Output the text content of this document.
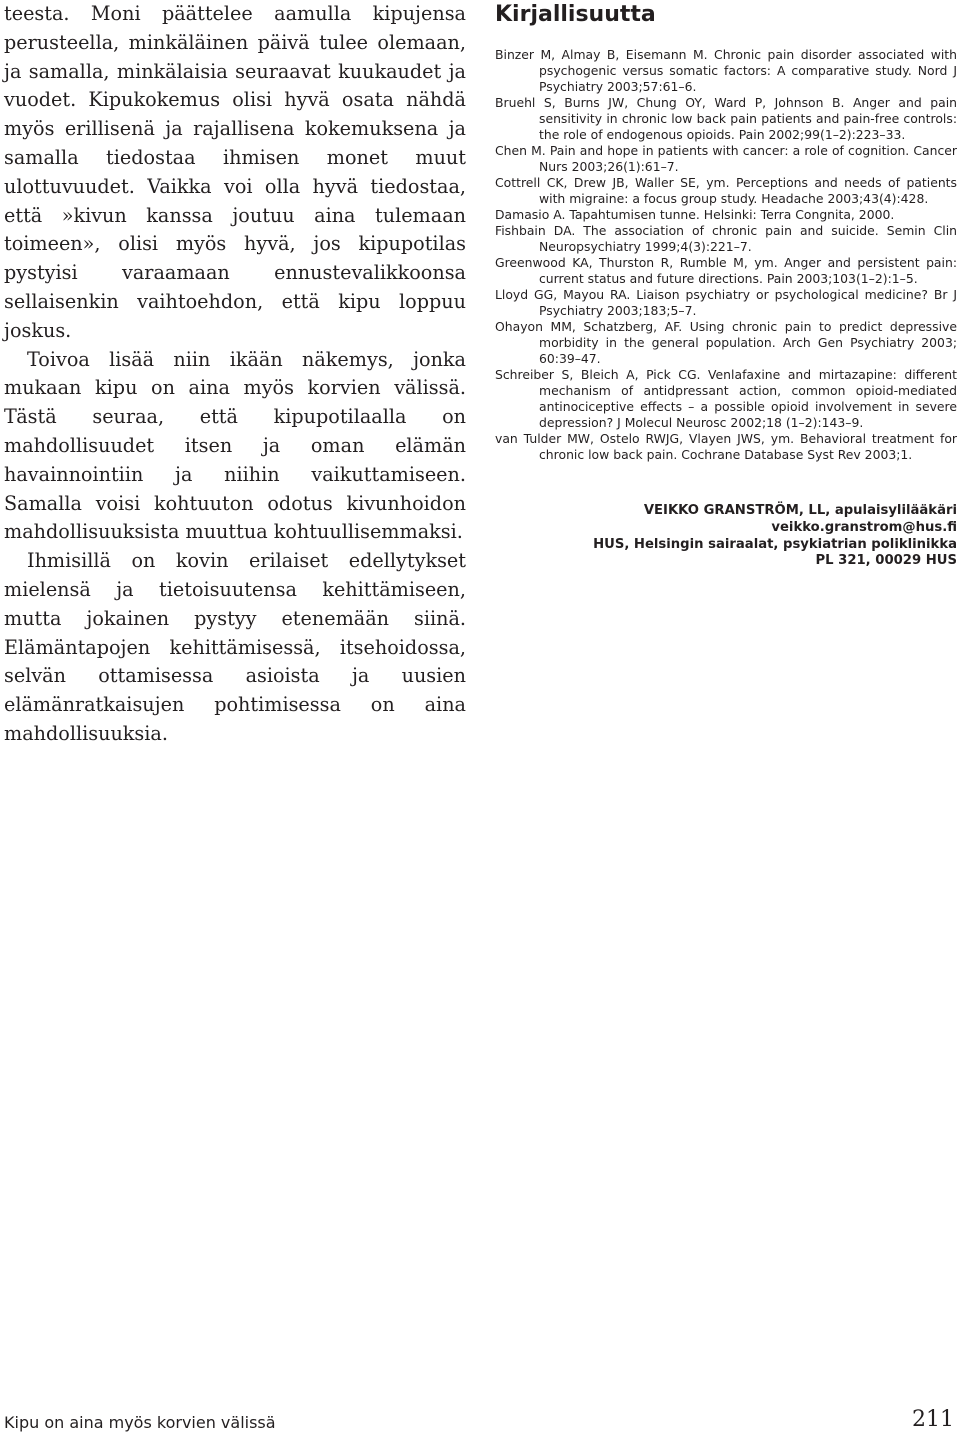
teesta. Moni päättelee aamulla kipujensa perusteella, minkäläinen päivä tulee olemaan, ja samalla, minkälaisia seuraavat kuukaudet ja vuodet. Kipukokemus olisi hyvä osata nähdä myös erillisenä ja rajallisena kokemuksena ja samalla tiedostaa ihmisen monet muut ulottuvuudet. Vaikka voi olla hyvä tiedostaa, että »kivun kanssa joutuu aina tulemaan toimeen», olisi myös hyvä, jos kipupotilas pystyisi varaamaan ennustevalikkoonsa sellaisenkin vaihtoehdon, että kipu loppuu joskus.

Toivoa lisää niin ikään näkemys, jonka mukaan kipu on aina myös korvien välissä. Tästä seuraa, että kipupotilaalla on mahdollisuudet itsen ja oman elämän havainnointiin ja niihin vaikuttamiseen. Samalla voisi kohtuuton odotus kivunhoidon mahdollisuuksista muuttua kohtuullisemmaksi.

Ihmisillä on kovin erilaiset edellytykset mielensä ja tietoisuutensa kehittämiseen, mutta jokainen pystyy etenemään siinä. Elämäntapojen kehittämisessä, itsehoidossa, selvän ottamisessa asioista ja uusien elämänratkaisujen pohtimisessa on aina mahdollisuuksia.

Kirjallisuutta
Binzer M, Almay B, Eisemann M. Chronic pain disorder associated with psychogenic versus somatic factors: A comparative study. Nord J Psychiatry 2003;57:61–6.
Bruehl S, Burns JW, Chung OY, Ward P, Johnson B. Anger and pain sensitivity in chronic low back pain patients and pain-free controls: the role of endogenous opioids. Pain 2002;99(1–2):223–33.
Chen M. Pain and hope in patients with cancer: a role of cognition. Cancer Nurs 2003;26(1):61–7.
Cottrell CK, Drew JB, Waller SE, ym. Perceptions and needs of patients with migraine: a focus group study. Headache 2003;43(4):428.
Damasio A. Tapahtumisen tunne. Helsinki: Terra Congnita, 2000.
Fishbain DA. The association of chronic pain and suicide. Semin Clin Neuropsychiatry 1999;4(3):221–7.
Greenwood KA, Thurston R, Rumble M, ym. Anger and persistent pain: current status and future directions. Pain 2003;103(1–2):1–5.
Lloyd GG, Mayou RA. Liaison psychiatry or psychological medicine? Br J Psychiatry 2003;183;5–7.
Ohayon MM, Schatzberg, AF. Using chronic pain to predict depressive morbidity in the general population. Arch Gen Psychiatry 2003; 60:39–47.
Schreiber S, Bleich A, Pick CG. Venlafaxine and mirtazapine: different mechanism of antidpressant action, common opioid-mediated antinociceptive effects – a possible opioid involvement in severe depression? J Molecul Neurosc 2002;18 (1–2):143–9.
van Tulder MW, Ostelo RWJG, Vlayen JWS, ym. Behavioral treatment for chronic low back pain. Cochrane Database Syst Rev 2003;1.
VEIKKO GRANSTRÖM, LL, apulaisylilääkäri
veikko.granstrom@hus.fi
HUS, Helsingin sairaalat, psykiatrian poliklinikka
PL 321, 00029 HUS
Kipu on aina myös korvien välissä	211
